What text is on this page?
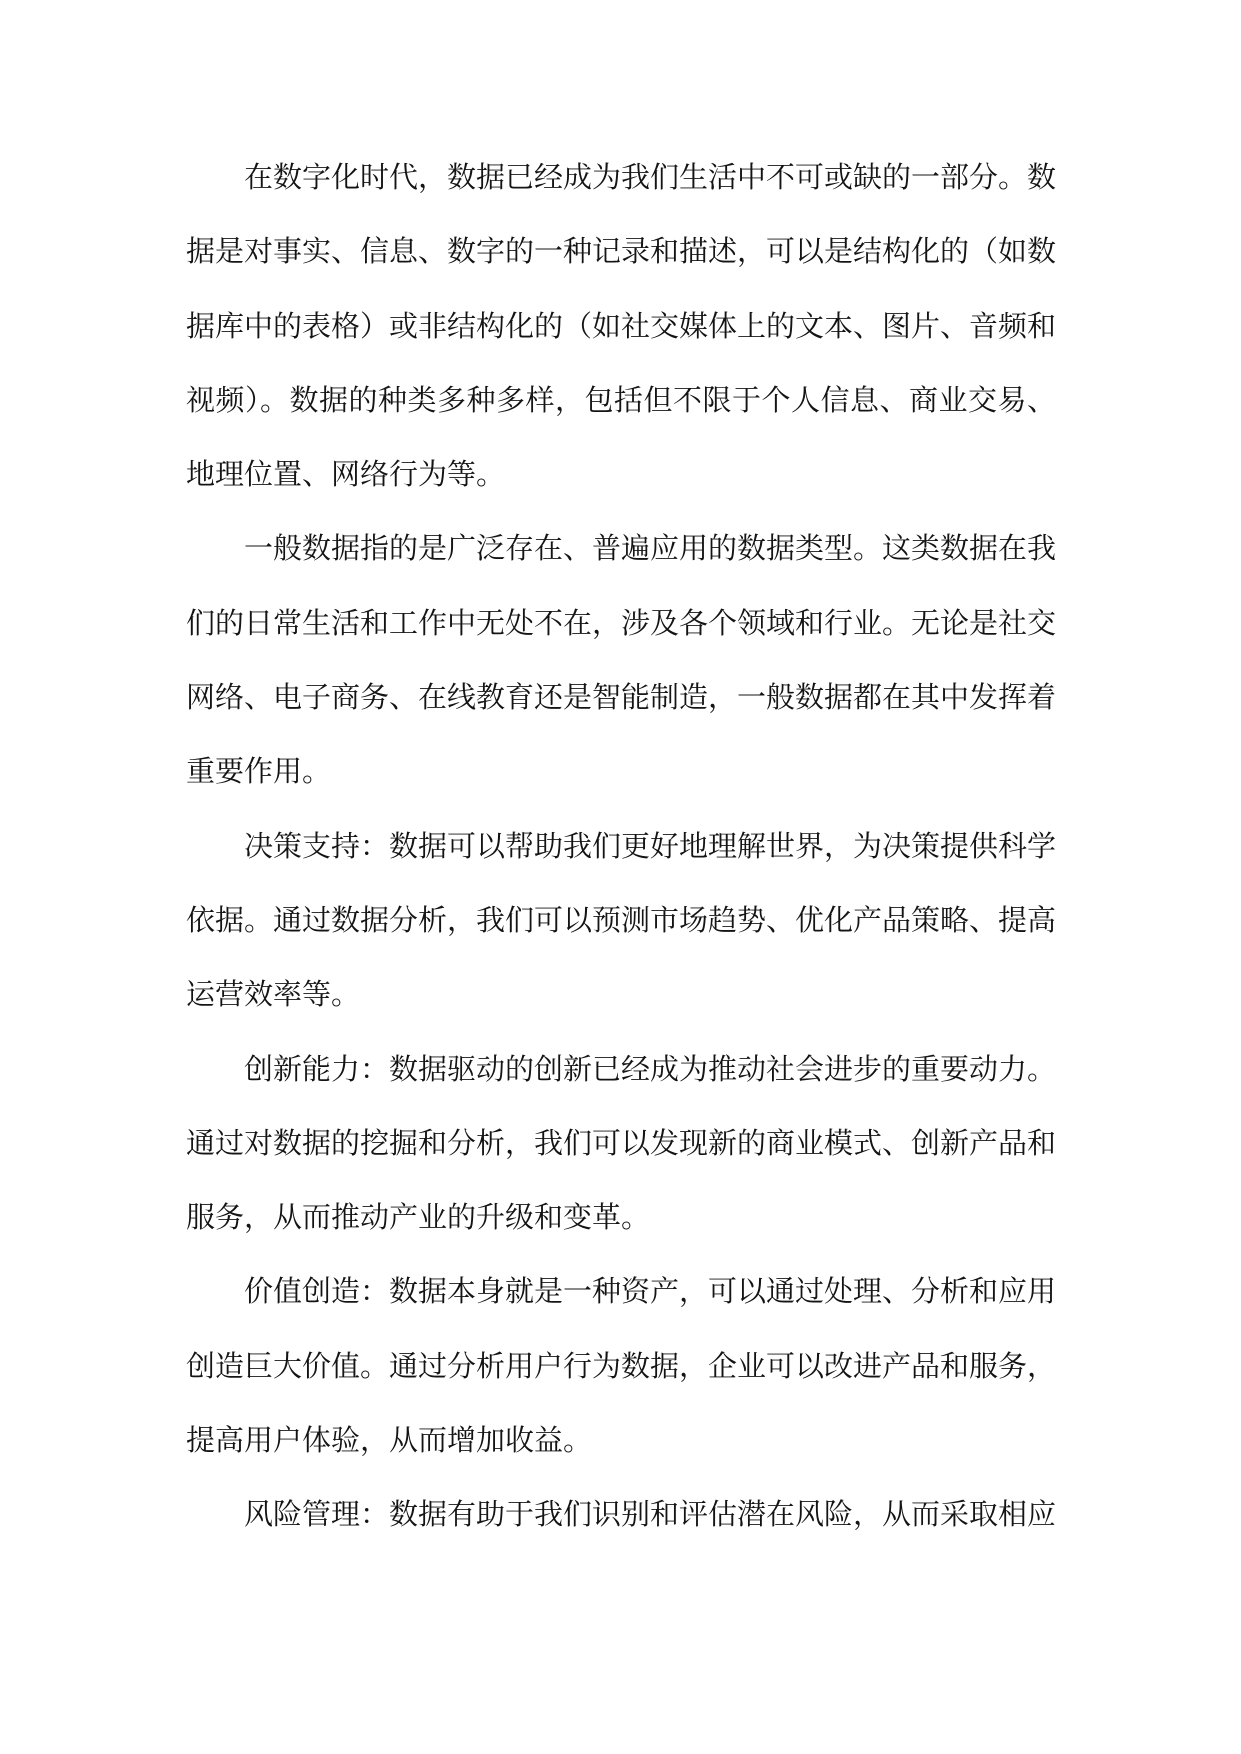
在数字化时代，数据已经成为我们生活中不可或缺的一部分。数据是对事实、信息、数字的一种记录和描述，可以是结构化的（如数据库中的表格）或非结构化的（如社交媒体上的文本、图片、音频和视频）。数据的种类多种多样，包括但不限于个人信息、商业交易、地理位置、网络行为等。

一般数据指的是广泛存在、普遍应用的数据类型。这类数据在我们的日常生活和工作中无处不在，涉及各个领域和行业。无论是社交网络、电子商务、在线教育还是智能制造，一般数据都在其中发挥着重要作用。

决策支持：数据可以帮助我们更好地理解世界，为决策提供科学依据。通过数据分析，我们可以预测市场趋势、优化产品策略、提高运营效率等。

创新能力：数据驱动的创新已经成为推动社会进步的重要动力。通过对数据的挖掘和分析，我们可以发现新的商业模式、创新产品和服务，从而推动产业的升级和变革。

价值创造：数据本身就是一种资产，可以通过处理、分析和应用创造巨大价值。通过分析用户行为数据，企业可以改进产品和服务，提高用户体验，从而增加收益。

风险管理：数据有助于我们识别和评估潜在风险，从而采取相应
